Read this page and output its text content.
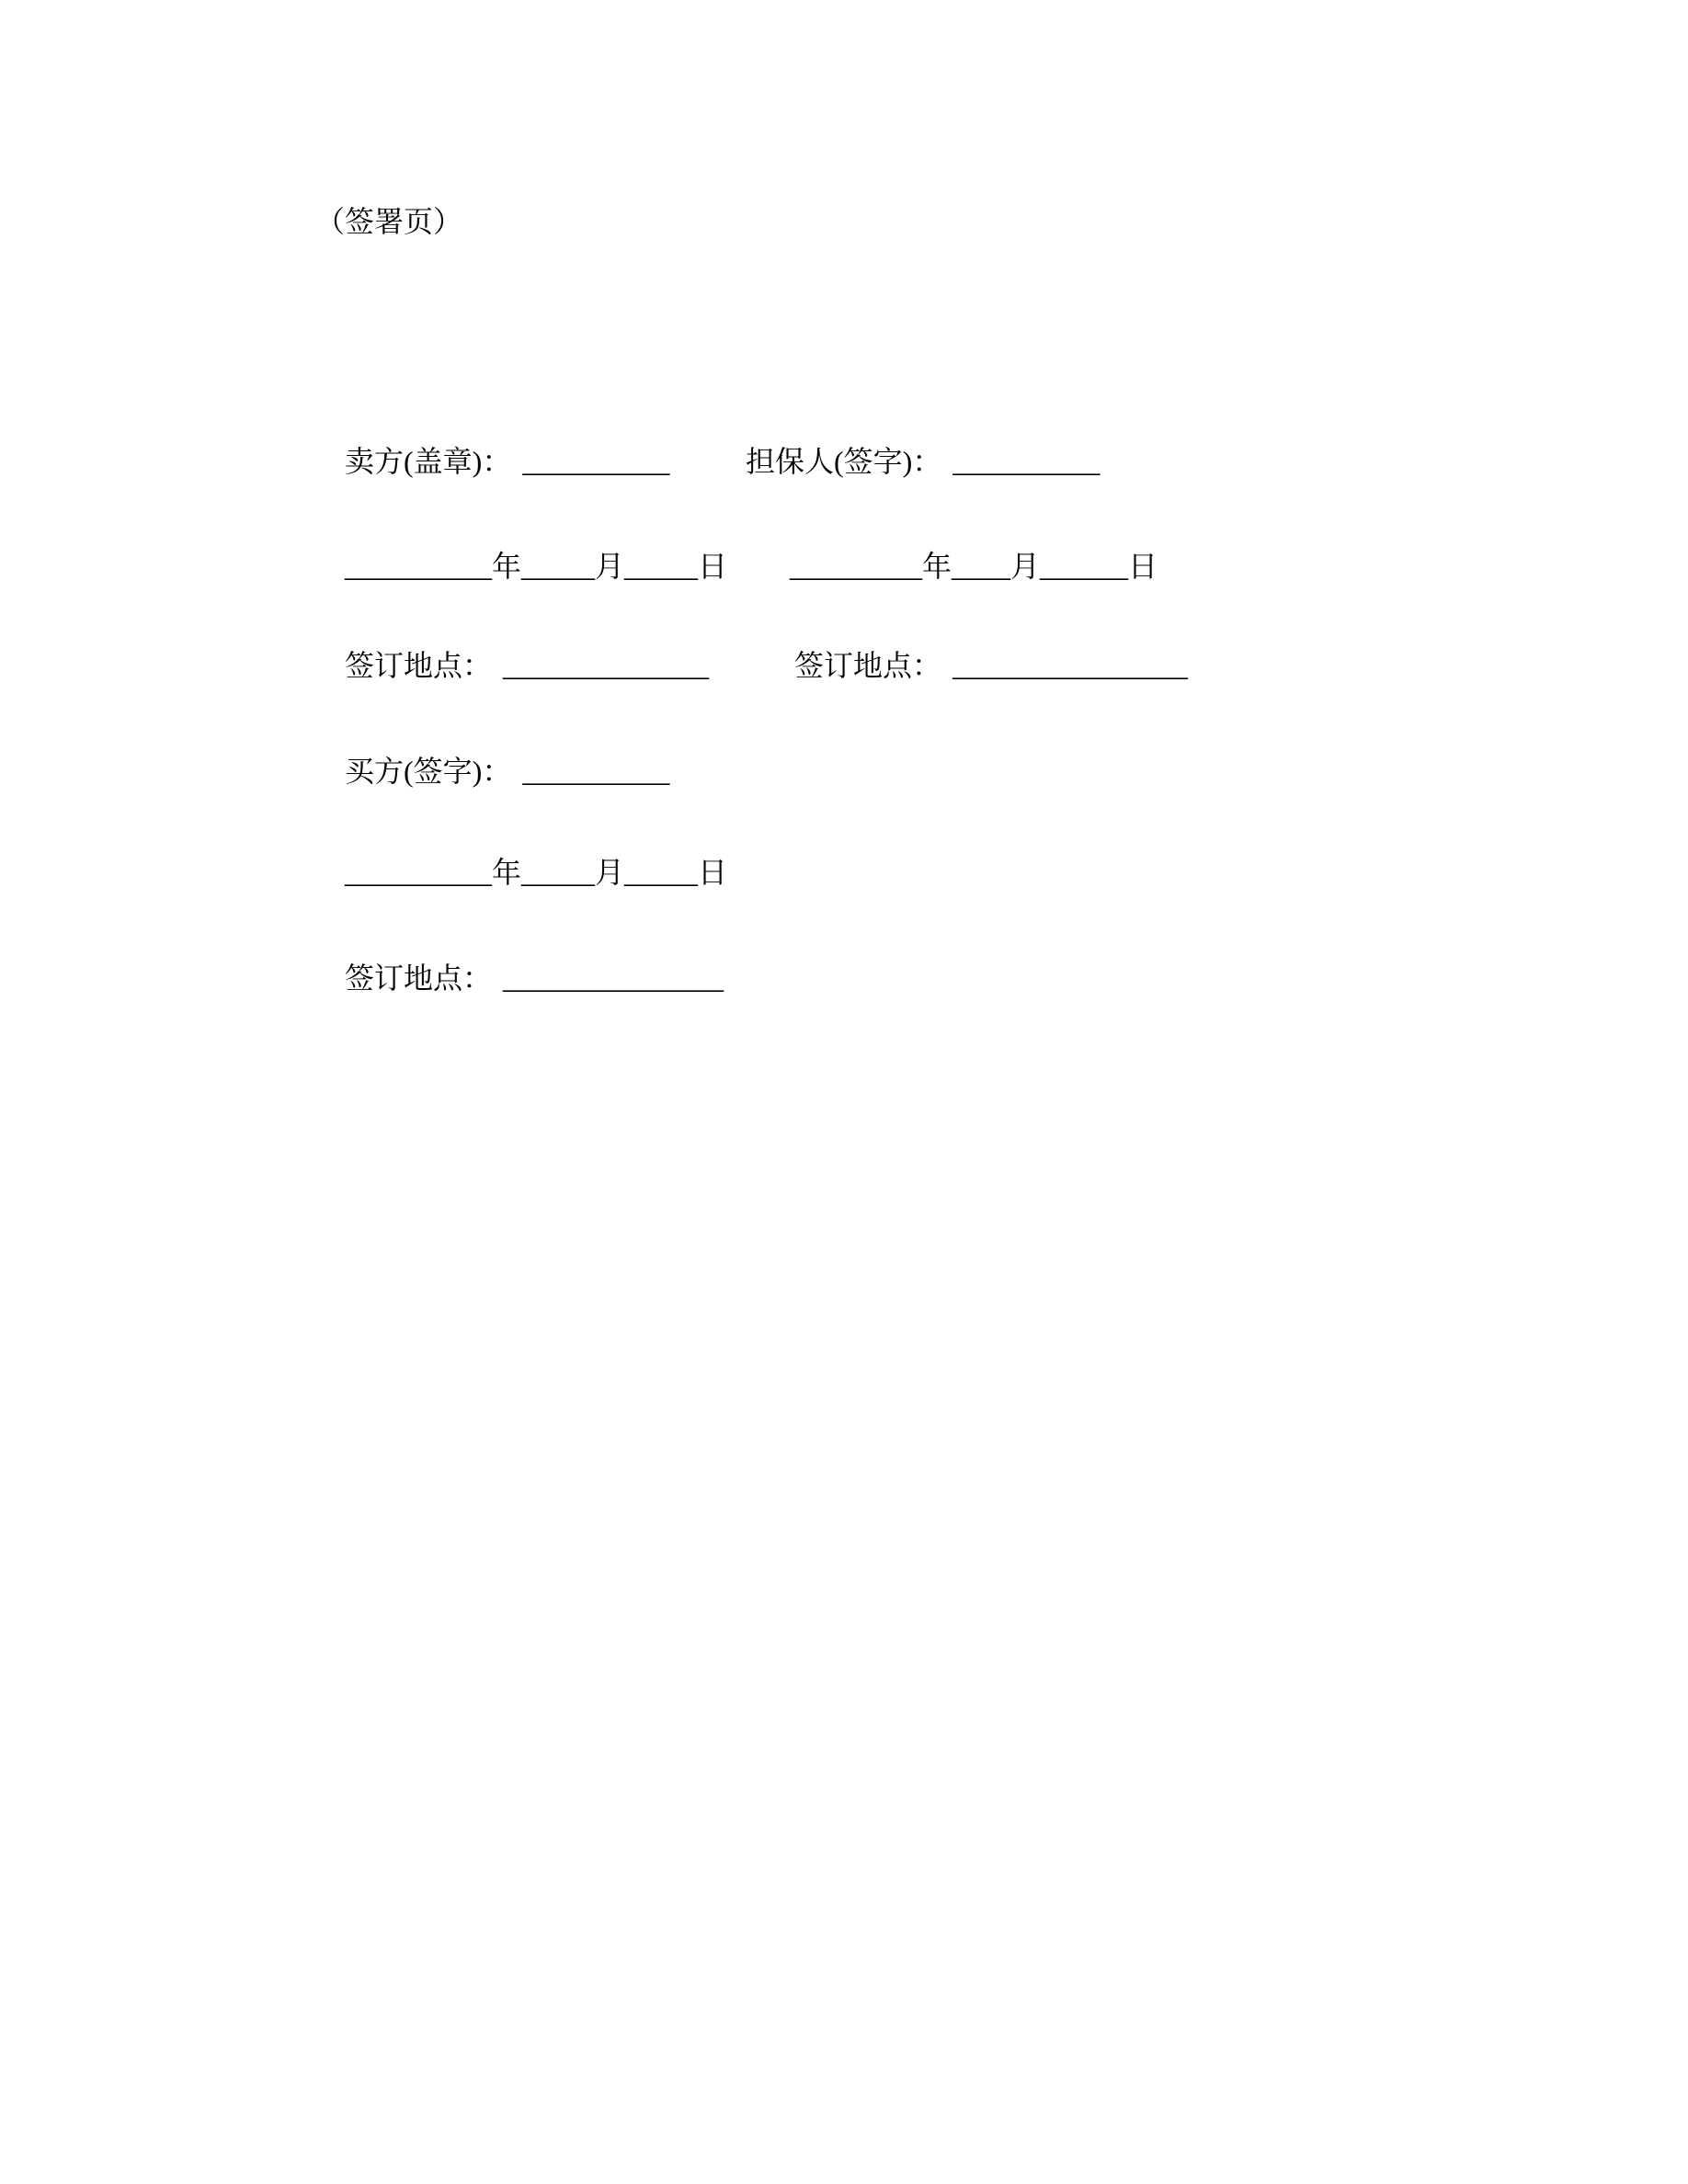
（签署页）

卖方(盖章)： __________
	担保人(签字)： __________

__________年_____月_____日
	_________年____月______日

签订地点： ______________
	签订地点： ________________

买方(签字)： __________

__________年_____月_____日

签订地点： _______________
